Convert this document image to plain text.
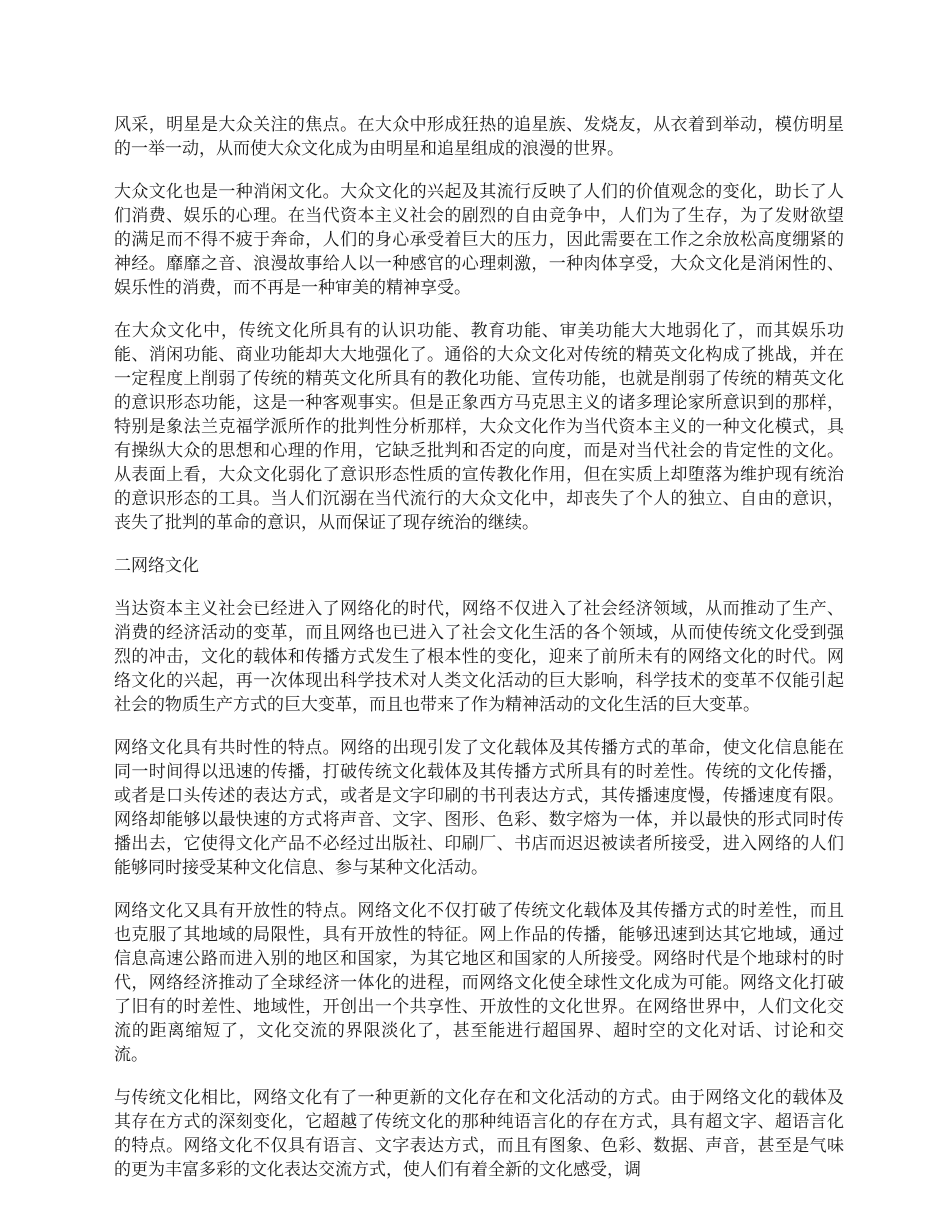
风采，明星是大众关注的焦点。在大众中形成狂热的追星族、发烧友，从衣着到举动，模仿明星的一举一动，从而使大众文化成为由明星和追星组成的浪漫的世界。

大众文化也是一种消闲文化。大众文化的兴起及其流行反映了人们的价值观念的变化，助长了人们消费、娱乐的心理。在当代资本主义社会的剧烈的自由竞争中，人们为了生存，为了发财欲望的满足而不得不疲于奔命，人们的身心承受着巨大的压力，因此需要在工作之余放松高度绷紧的神经。靡靡之音、浪漫故事给人以一种感官的心理刺激，一种肉体享受，大众文化是消闲性的、娱乐性的消费，而不再是一种审美的精神享受。

在大众文化中，传统文化所具有的认识功能、教育功能、审美功能大大地弱化了，而其娱乐功能、消闲功能、商业功能却大大地强化了。通俗的大众文化对传统的精英文化构成了挑战，并在一定程度上削弱了传统的精英文化所具有的教化功能、宣传功能，也就是削弱了传统的精英文化的意识形态功能，这是一种客观事实。但是正象西方马克思主义的诸多理论家所意识到的那样，特别是象法兰克福学派所作的批判性分析那样，大众文化作为当代资本主义的一种文化模式，具有操纵大众的思想和心理的作用，它缺乏批判和否定的向度，而是对当代社会的肯定性的文化。从表面上看，大众文化弱化了意识形态性质的宣传教化作用，但在实质上却堕落为维护现有统治的意识形态的工具。当人们沉溺在当代流行的大众文化中，却丧失了个人的独立、自由的意识，丧失了批判的革命的意识，从而保证了现存统治的继续。

二网络文化

当达资本主义社会已经进入了网络化的时代，网络不仅进入了社会经济领域，从而推动了生产、消费的经济活动的变革，而且网络也已进入了社会文化生活的各个领域，从而使传统文化受到强烈的冲击，文化的载体和传播方式发生了根本性的变化，迎来了前所未有的网络文化的时代。网络文化的兴起，再一次体现出科学技术对人类文化活动的巨大影响，科学技术的变革不仅能引起社会的物质生产方式的巨大变革，而且也带来了作为精神活动的文化生活的巨大变革。

网络文化具有共时性的特点。网络的出现引发了文化载体及其传播方式的革命，使文化信息能在同一时间得以迅速的传播，打破传统文化载体及其传播方式所具有的时差性。传统的文化传播，或者是口头传述的表达方式，或者是文字印刷的书刊表达方式，其传播速度慢，传播速度有限。网络却能够以最快速的方式将声音、文字、图形、色彩、数字熔为一体，并以最快的形式同时传播出去，它使得文化产品不必经过出版社、印刷厂、书店而迟迟被读者所接受，进入网络的人们能够同时接受某种文化信息、参与某种文化活动。

网络文化又具有开放性的特点。网络文化不仅打破了传统文化载体及其传播方式的时差性，而且也克服了其地域的局限性，具有开放性的特征。网上作品的传播，能够迅速到达其它地域，通过信息高速公路而进入别的地区和国家，为其它地区和国家的人所接受。网络时代是个地球村的时代，网络经济推动了全球经济一体化的进程，而网络文化使全球性文化成为可能。网络文化打破了旧有的时差性、地域性，开创出一个共享性、开放性的文化世界。在网络世界中，人们文化交流的距离缩短了，文化交流的界限淡化了，甚至能进行超国界、超时空的文化对话、讨论和交流。

与传统文化相比，网络文化有了一种更新的文化存在和文化活动的方式。由于网络文化的载体及其存在方式的深刻变化，它超越了传统文化的那种纯语言化的存在方式，具有超文字、超语言化的特点。网络文化不仅具有语言、文字表达方式，而且有图象、色彩、数据、声音，甚至是气味的更为丰富多彩的文化表达交流方式，使人们有着全新的文化感受，调
